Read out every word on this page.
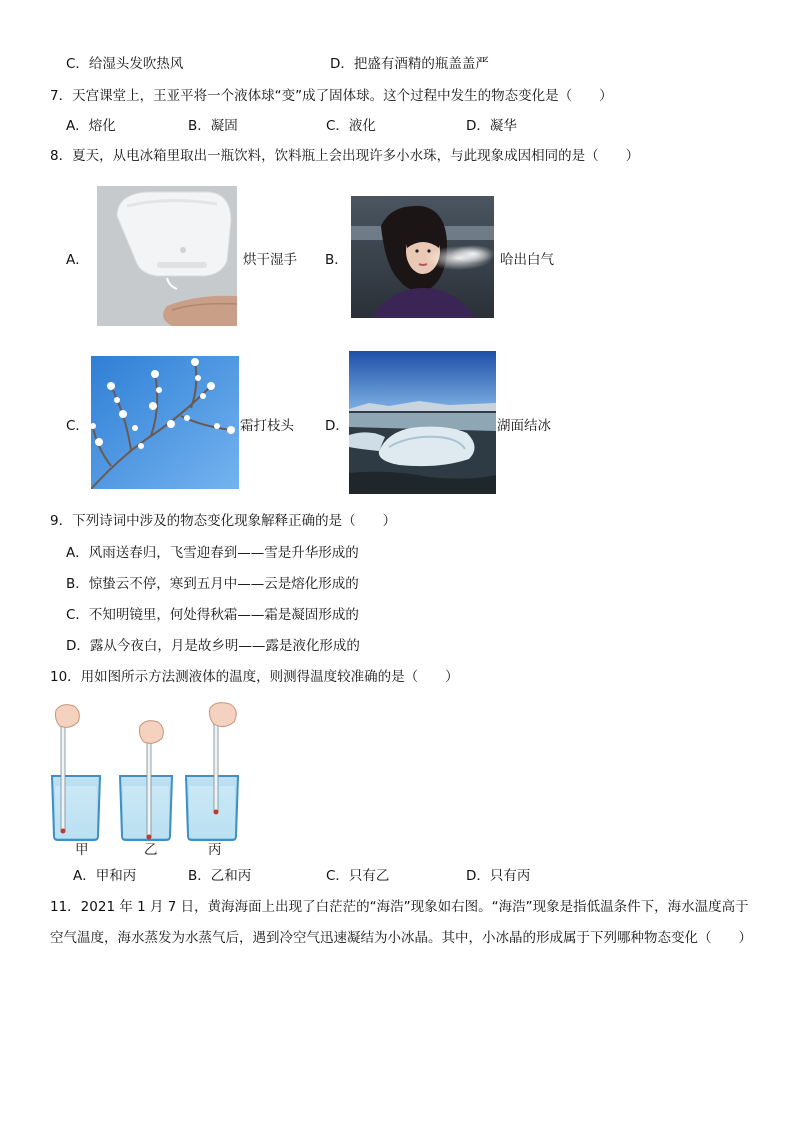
C．给湿头发吹热风	D．把盛有酒精的瓶盖盖严
7．天宫课堂上，王亚平将一个液体球“变”成了固体球。这个过程中发生的物态变化是（　　）
A．熔化	B．凝固	C．液化	D．凝华
8．夏天，从电冰箱里取出一瓶饮料，饮料瓶上会出现许多小水珠，与此现象成因相同的是（　　）
A．	烘干湿手 B．	哈出白气
C．	霜打枝头 D．	湖面结冰
9．下列诗词中涉及的物态变化现象解释正确的是（　　）
A．风雨送春归，飞雪迎春到——雪是升华形成的
B．惊蛰云不停，寒到五月中——云是熔化形成的
C．不知明镜里，何处得秋霜——霜是凝固形成的
D．露从今夜白，月是故乡明——露是液化形成的
10．用如图所示方法测液体的温度，则测得温度较准确的是（　　）
甲	乙	丙
A．甲和丙	B．乙和丙	C．只有乙	D．只有丙
11．2021 年 1 月 7 日，黄海海面上出现了白茫茫的“海浩”现象如右图。“海浩”现象是指低温条件下，海水温度高于
空气温度，海水蒸发为水蒸气后，遇到冷空气迅速凝结为小冰晶。其中，小冰晶的形成属于下列哪种物态变化（　　）
